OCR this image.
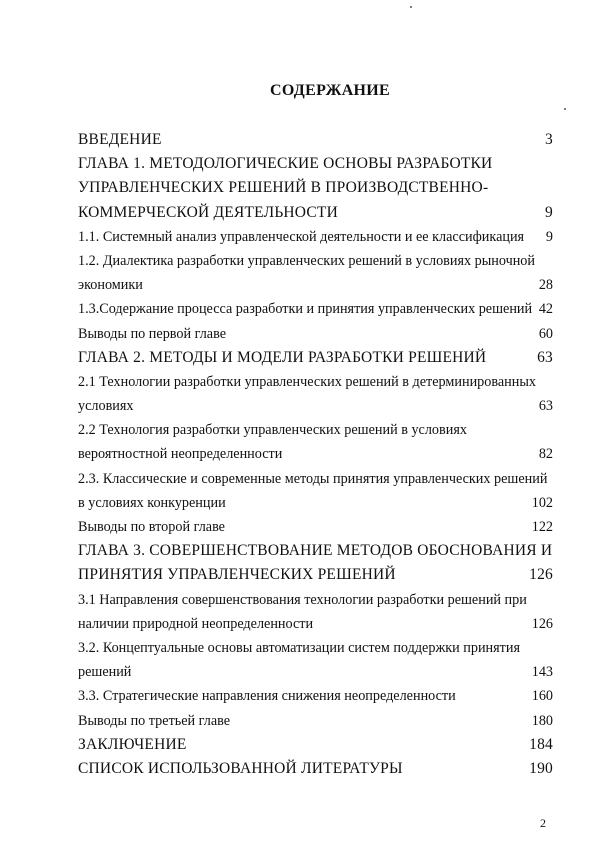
СОДЕРЖАНИЕ
ВВЕДЕНИЕ	3
ГЛАВА 1. МЕТОДОЛОГИЧЕСКИЕ ОСНОВЫ РАЗРАБОТКИ
УПРАВЛЕНЧЕСКИХ РЕШЕНИЙ В ПРОИЗВОДСТВЕННО-
КОММЕРЧЕСКОЙ ДЕЯТЕЛЬНОСТИ	9
1.1. Системный анализ управленческой деятельности и ее классификация 9
1.2. Диалектика разработки управленческих решений в условиях рыночной
экономики	28
1.3.Содержание процесса разработки и принятия управленческих решений 42
Выводы по первой главе	60
ГЛАВА 2. МЕТОДЫ И МОДЕЛИ РАЗРАБОТКИ РЕШЕНИЙ	63
2.1 Технологии разработки управленческих решений в детерминированных
условиях	63
2.2 Технология разработки управленческих решений в условиях
вероятностной неопределенности	82
2.3. Классические и современные методы принятия управленческих решений
в условиях конкуренции	102
Выводы по второй главе	122
ГЛАВА 3. СОВЕРШЕНСТВОВАНИЕ МЕТОДОВ ОБОСНОВАНИЯ И
ПРИНЯТИЯ УПРАВЛЕНЧЕСКИХ РЕШЕНИЙ	126
3.1 Направления совершенствования технологии разработки решений при
наличии природной неопределенности	126
3.2. Концептуальные основы автоматизации систем поддержки принятия
решений	143
3.3. Стратегические направления снижения неопределенности	160
Выводы по третьей главе	180
ЗАКЛЮЧЕНИЕ	184
СПИСОК ИСПОЛЬЗОВАННОЙ ЛИТЕРАТУРЫ	190
2
